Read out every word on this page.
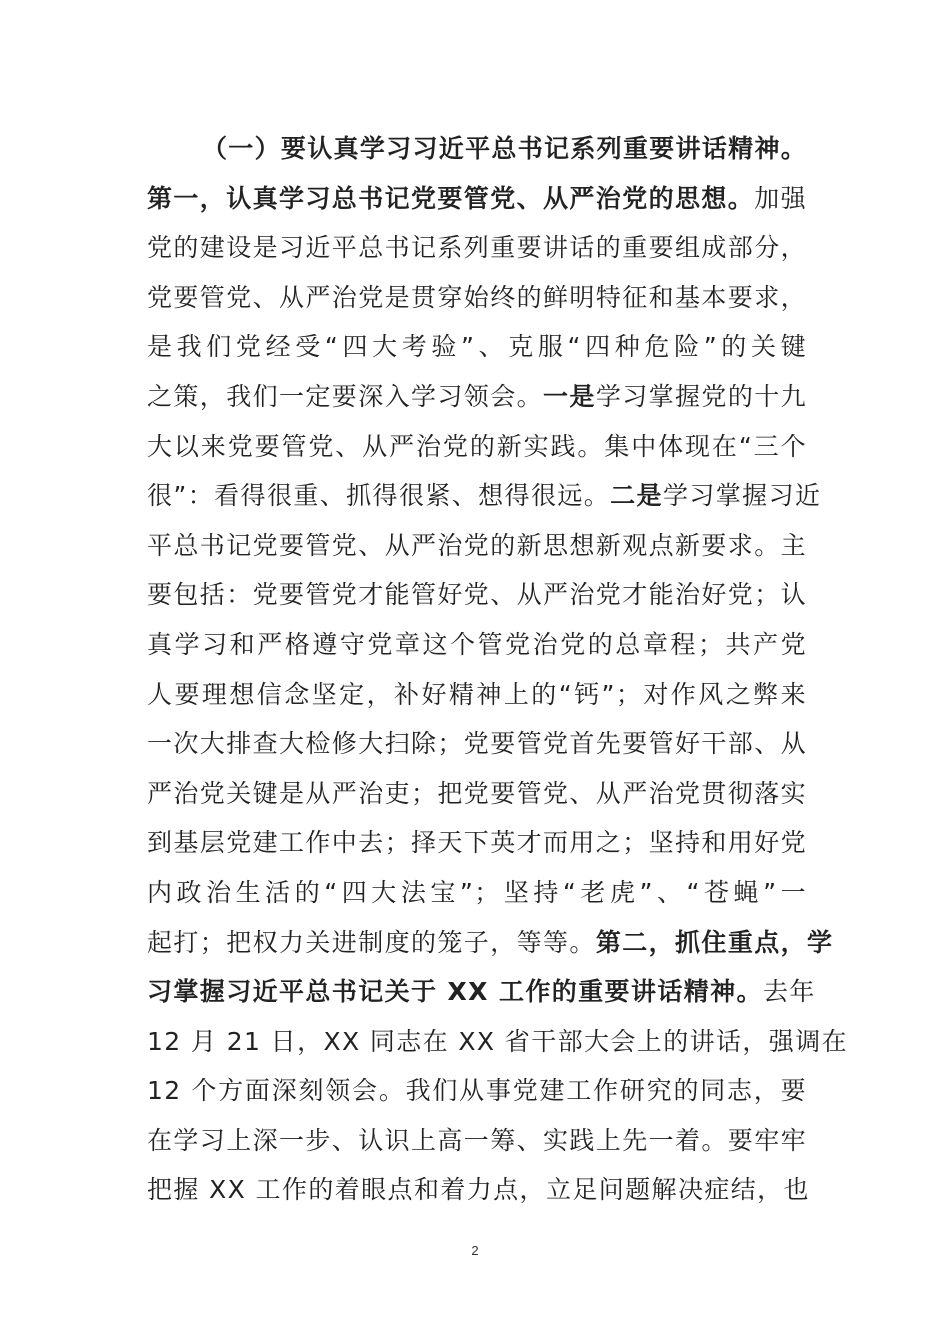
（一）要认真学习习近平总书记系列重要讲话精神。
第一，认真学习总书记党要管党、从严治党的思想。加强
党的建设是习近平总书记系列重要讲话的重要组成部分，
党要管党、从严治党是贯穿始终的鲜明特征和基本要求，
是我们党经受“四大考验”、克服“四种危险”的关键
之策，我们一定要深入学习领会。一是学习掌握党的十九
大以来党要管党、从严治党的新实践。集中体现在“三个
很”：看得很重、抓得很紧、想得很远。二是学习掌握习近
平总书记党要管党、从严治党的新思想新观点新要求。主
要包括：党要管党才能管好党、从严治党才能治好党；认
真学习和严格遵守党章这个管党治党的总章程；共产党
人要理想信念坚定，补好精神上的“钙”；对作风之弊来
一次大排查大检修大扫除；党要管党首先要管好干部、从
严治党关键是从严治吏；把党要管党、从严治党贯彻落实
到基层党建工作中去；择天下英才而用之；坚持和用好党
内政治生活的“四大法宝”；坚持“老虎”、“苍蝇”一
起打；把权力关进制度的笼子，等等。第二，抓住重点，学
习掌握习近平总书记关于 XX 工作的重要讲话精神。去年
12 月 21 日，XX 同志在 XX 省干部大会上的讲话，强调在
12 个方面深刻领会。我们从事党建工作研究的同志，要
在学习上深一步、认识上高一筹、实践上先一着。要牢牢
把握 XX 工作的着眼点和着力点，立足问题解决症结，也
2
